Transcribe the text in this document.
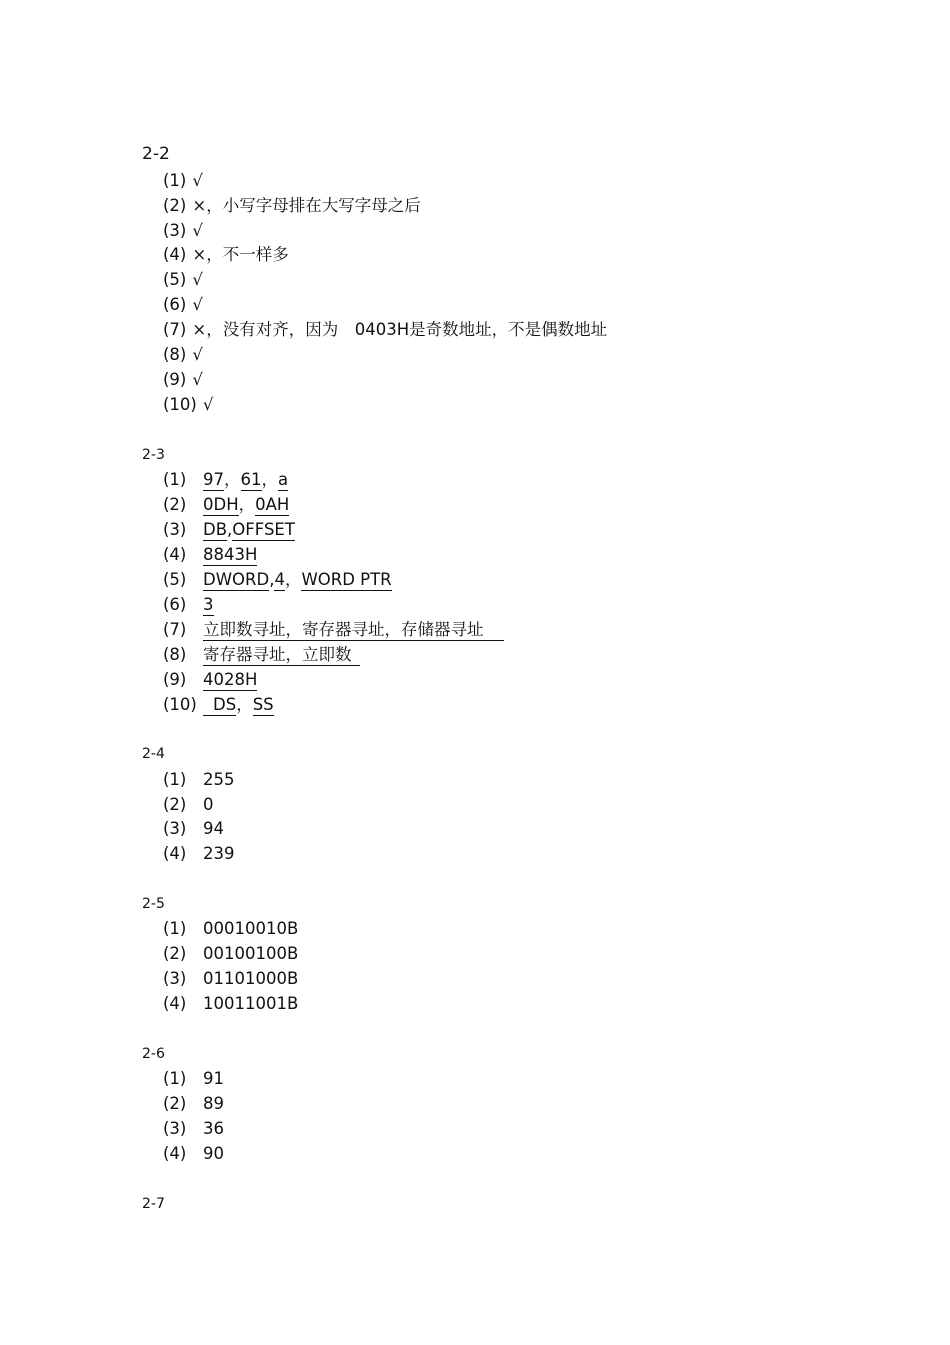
2-2
(1) √
(2) ×，小写字母排在大写字母之后
(3) √
(4) ×，不一样多
(5) √
(6) √
(7) ×，没有对齐，因为　0403H是奇数地址，不是偶数地址
(8) √
(9) √
(10) √
2-3
(1) 97，61，a
(2) 0DH，0AH
(3) DB,OFFSET
(4) 8843H
(5) DWORD,4，WORD PTR
(6) 3
(7) 立即数寻址，寄存器寻址，存储器寻址
(8) 寄存器寻址，立即数
(9) 4028H
(10) DS，SS
2-4
(1) 255
(2) 0
(3) 94
(4) 239
2-5
(1) 00010010B
(2) 00100100B
(3) 01101000B
(4) 10011001B
2-6
(1) 91
(2) 89
(3) 36
(4) 90
2-7
